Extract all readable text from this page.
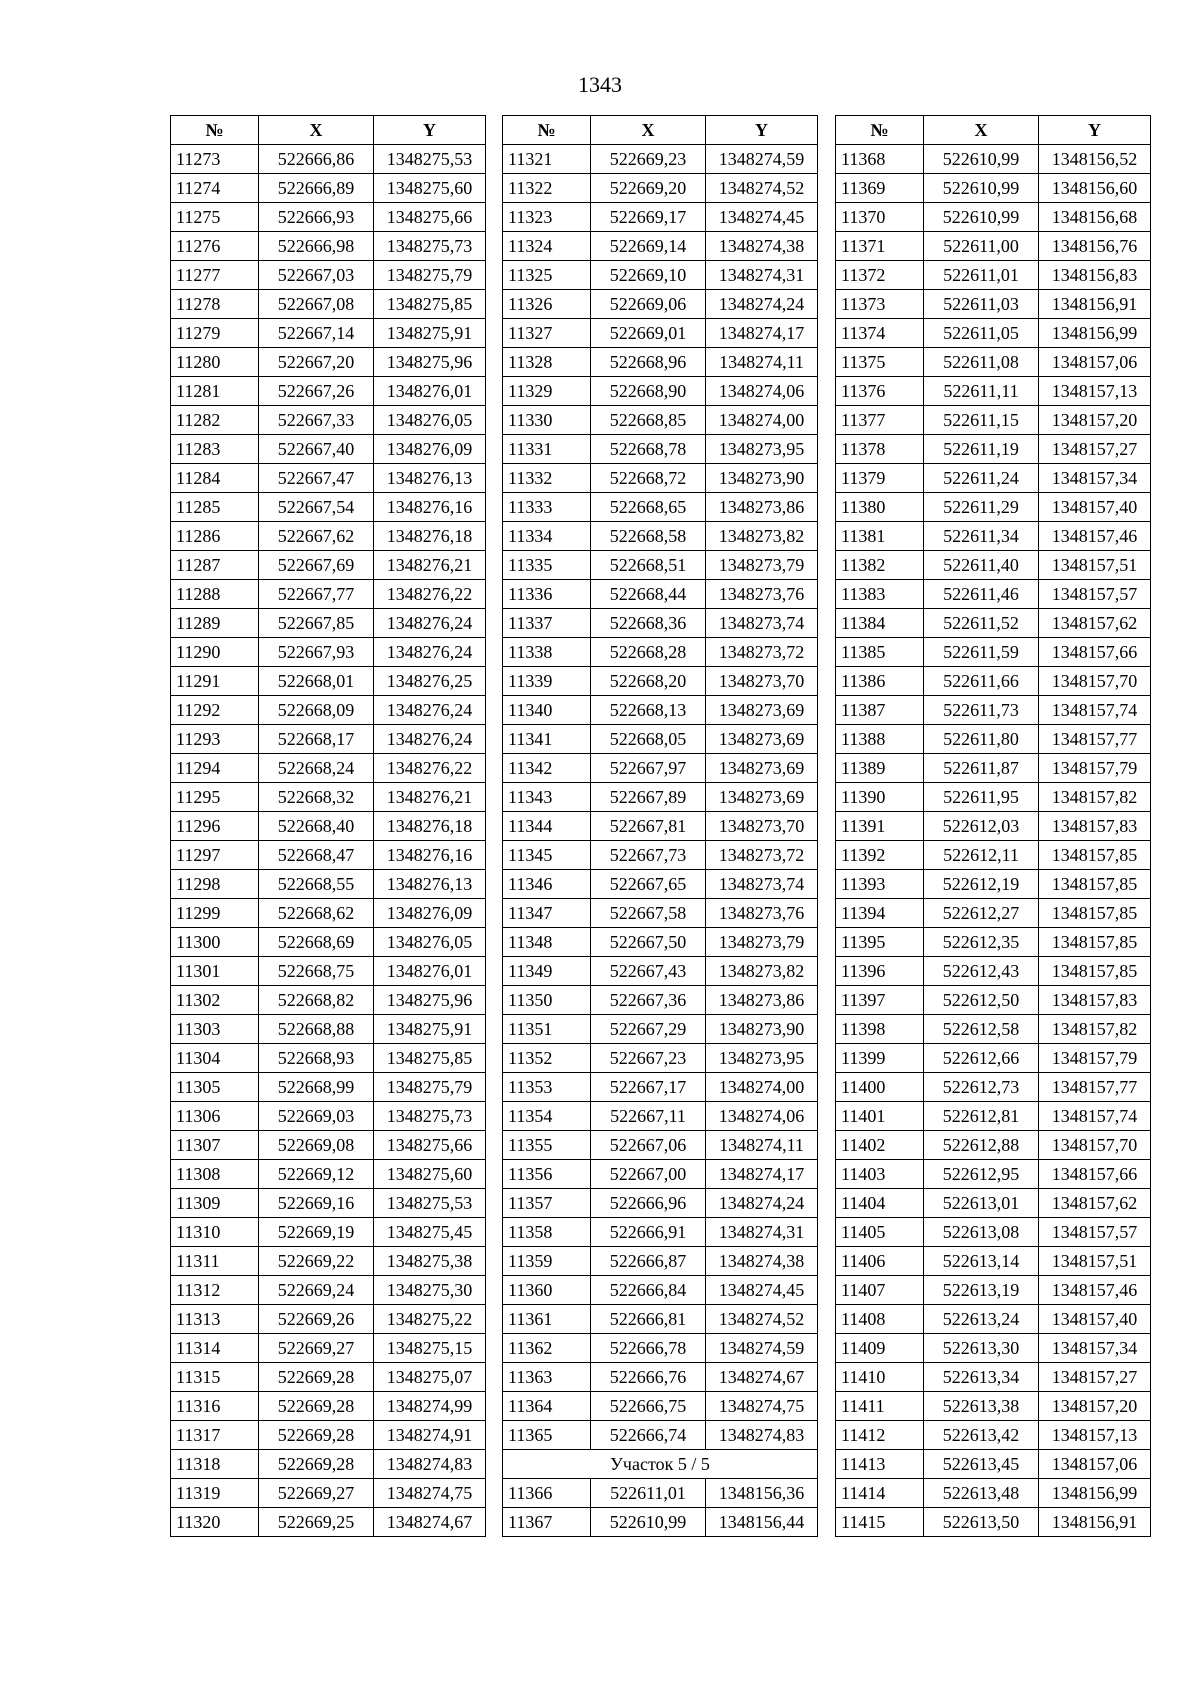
1343
№	X	Y
11273	522666,86	1348275,53
11274	522666,89	1348275,60
11275	522666,93	1348275,66
11276	522666,98	1348275,73
11277	522667,03	1348275,79
11278	522667,08	1348275,85
11279	522667,14	1348275,91
11280	522667,20	1348275,96
11281	522667,26	1348276,01
11282	522667,33	1348276,05
11283	522667,40	1348276,09
11284	522667,47	1348276,13
11285	522667,54	1348276,16
11286	522667,62	1348276,18
11287	522667,69	1348276,21
11288	522667,77	1348276,22
11289	522667,85	1348276,24
11290	522667,93	1348276,24
11291	522668,01	1348276,25
11292	522668,09	1348276,24
11293	522668,17	1348276,24
11294	522668,24	1348276,22
11295	522668,32	1348276,21
11296	522668,40	1348276,18
11297	522668,47	1348276,16
11298	522668,55	1348276,13
11299	522668,62	1348276,09
11300	522668,69	1348276,05
11301	522668,75	1348276,01
11302	522668,82	1348275,96
11303	522668,88	1348275,91
11304	522668,93	1348275,85
11305	522668,99	1348275,79
11306	522669,03	1348275,73
11307	522669,08	1348275,66
11308	522669,12	1348275,60
11309	522669,16	1348275,53
11310	522669,19	1348275,45
11311	522669,22	1348275,38
11312	522669,24	1348275,30
11313	522669,26	1348275,22
11314	522669,27	1348275,15
11315	522669,28	1348275,07
11316	522669,28	1348274,99
11317	522669,28	1348274,91
11318	522669,28	1348274,83
11319	522669,27	1348274,75
11320	522669,25	1348274,67
№	X	Y
11321	522669,23	1348274,59
11322	522669,20	1348274,52
11323	522669,17	1348274,45
11324	522669,14	1348274,38
11325	522669,10	1348274,31
11326	522669,06	1348274,24
11327	522669,01	1348274,17
11328	522668,96	1348274,11
11329	522668,90	1348274,06
11330	522668,85	1348274,00
11331	522668,78	1348273,95
11332	522668,72	1348273,90
11333	522668,65	1348273,86
11334	522668,58	1348273,82
11335	522668,51	1348273,79
11336	522668,44	1348273,76
11337	522668,36	1348273,74
11338	522668,28	1348273,72
11339	522668,20	1348273,70
11340	522668,13	1348273,69
11341	522668,05	1348273,69
11342	522667,97	1348273,69
11343	522667,89	1348273,69
11344	522667,81	1348273,70
11345	522667,73	1348273,72
11346	522667,65	1348273,74
11347	522667,58	1348273,76
11348	522667,50	1348273,79
11349	522667,43	1348273,82
11350	522667,36	1348273,86
11351	522667,29	1348273,90
11352	522667,23	1348273,95
11353	522667,17	1348274,00
11354	522667,11	1348274,06
11355	522667,06	1348274,11
11356	522667,00	1348274,17
11357	522666,96	1348274,24
11358	522666,91	1348274,31
11359	522666,87	1348274,38
11360	522666,84	1348274,45
11361	522666,81	1348274,52
11362	522666,78	1348274,59
11363	522666,76	1348274,67
11364	522666,75	1348274,75
11365	522666,74	1348274,83
Участок 5 / 5		
11366	522611,01	1348156,36
11367	522610,99	1348156,44
№	X	Y
11368	522610,99	1348156,52
11369	522610,99	1348156,60
11370	522610,99	1348156,68
11371	522611,00	1348156,76
11372	522611,01	1348156,83
11373	522611,03	1348156,91
11374	522611,05	1348156,99
11375	522611,08	1348157,06
11376	522611,11	1348157,13
11377	522611,15	1348157,20
11378	522611,19	1348157,27
11379	522611,24	1348157,34
11380	522611,29	1348157,40
11381	522611,34	1348157,46
11382	522611,40	1348157,51
11383	522611,46	1348157,57
11384	522611,52	1348157,62
11385	522611,59	1348157,66
11386	522611,66	1348157,70
11387	522611,73	1348157,74
11388	522611,80	1348157,77
11389	522611,87	1348157,79
11390	522611,95	1348157,82
11391	522612,03	1348157,83
11392	522612,11	1348157,85
11393	522612,19	1348157,85
11394	522612,27	1348157,85
11395	522612,35	1348157,85
11396	522612,43	1348157,85
11397	522612,50	1348157,83
11398	522612,58	1348157,82
11399	522612,66	1348157,79
11400	522612,73	1348157,77
11401	522612,81	1348157,74
11402	522612,88	1348157,70
11403	522612,95	1348157,66
11404	522613,01	1348157,62
11405	522613,08	1348157,57
11406	522613,14	1348157,51
11407	522613,19	1348157,46
11408	522613,24	1348157,40
11409	522613,30	1348157,34
11410	522613,34	1348157,27
11411	522613,38	1348157,20
11412	522613,42	1348157,13
11413	522613,45	1348157,06
11414	522613,48	1348156,99
11415	522613,50	1348156,91
